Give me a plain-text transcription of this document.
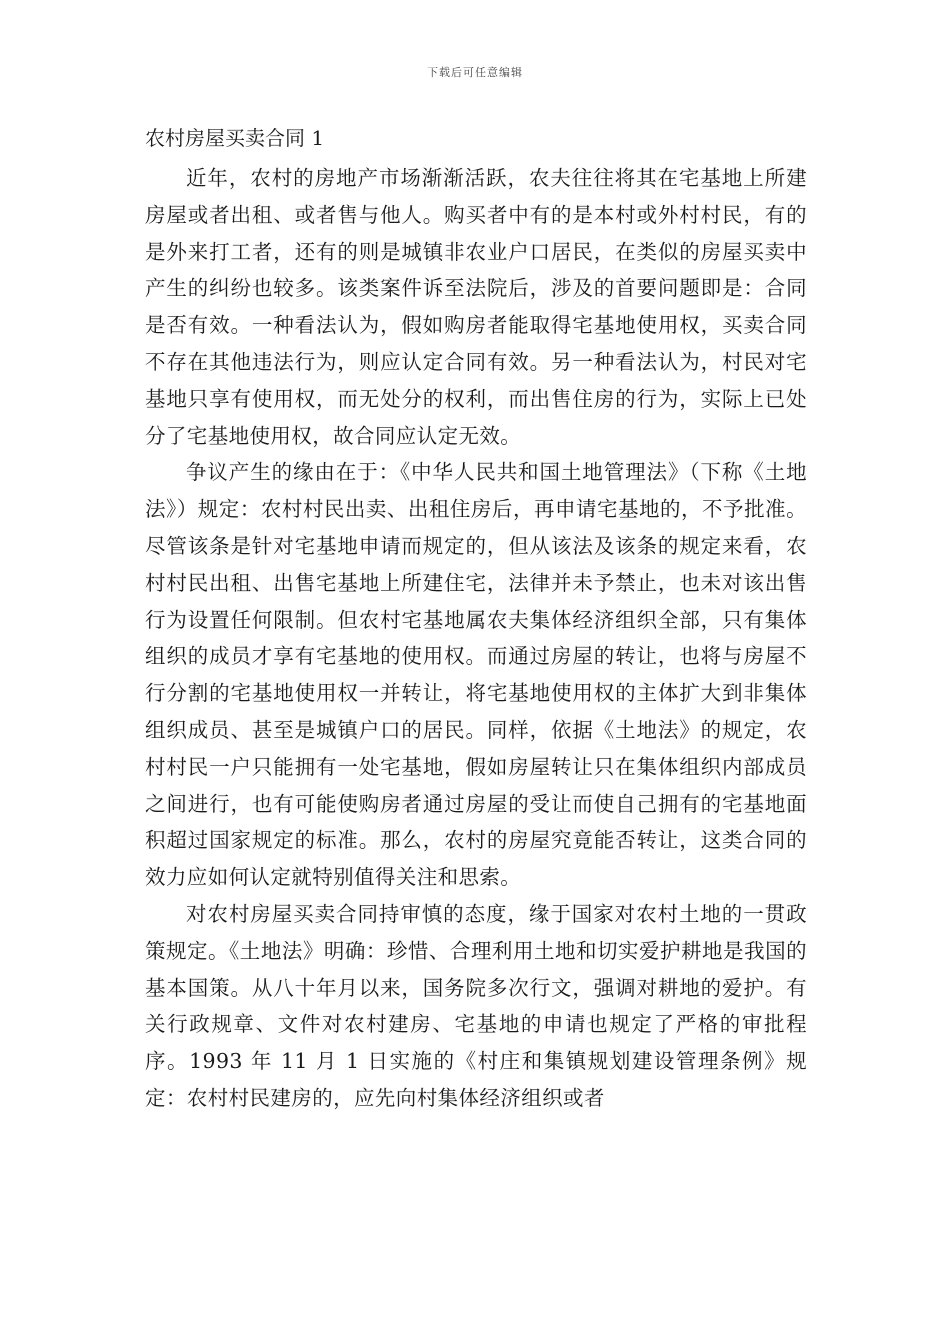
下载后可任意编辑
农村房屋买卖合同 1

近年，农村的房地产市场渐渐活跃，农夫往往将其在宅基地上所建房屋或者出租、或者售与他人。购买者中有的是本村或外村村民，有的是外来打工者，还有的则是城镇非农业户口居民，在类似的房屋买卖中产生的纠纷也较多。该类案件诉至法院后，涉及的首要问题即是：合同是否有效。一种看法认为，假如购房者能取得宅基地使用权，买卖合同不存在其他违法行为，则应认定合同有效。另一种看法认为，村民对宅基地只享有使用权，而无处分的权利，而出售住房的行为，实际上已处分了宅基地使用权，故合同应认定无效。

争议产生的缘由在于：《中华人民共和国土地管理法》（下称《土地法》）规定：农村村民出卖、出租住房后，再申请宅基地的，不予批准。尽管该条是针对宅基地申请而规定的，但从该法及该条的规定来看，农村村民出租、出售宅基地上所建住宅，法律并未予禁止，也未对该出售行为设置任何限制。但农村宅基地属农夫集体经济组织全部，只有集体组织的成员才享有宅基地的使用权。而通过房屋的转让，也将与房屋不行分割的宅基地使用权一并转让，将宅基地使用权的主体扩大到非集体组织成员、甚至是城镇户口的居民。同样，依据《土地法》的规定，农村村民一户只能拥有一处宅基地，假如房屋转让只在集体组织内部成员之间进行，也有可能使购房者通过房屋的受让而使自己拥有的宅基地面积超过国家规定的标准。那么，农村的房屋究竟能否转让，这类合同的效力应如何认定就特别值得关注和思索。

对农村房屋买卖合同持审慎的态度，缘于国家对农村土地的一贯政策规定。《土地法》明确：珍惜、合理利用土地和切实爱护耕地是我国的基本国策。从八十年月以来，国务院多次行文，强调对耕地的爱护。有关行政规章、文件对农村建房、宅基地的申请也规定了严格的审批程序。1993 年 11 月 1 日实施的《村庄和集镇规划建设管理条例》规定：农村村民建房的，应先向村集体经济组织或者
